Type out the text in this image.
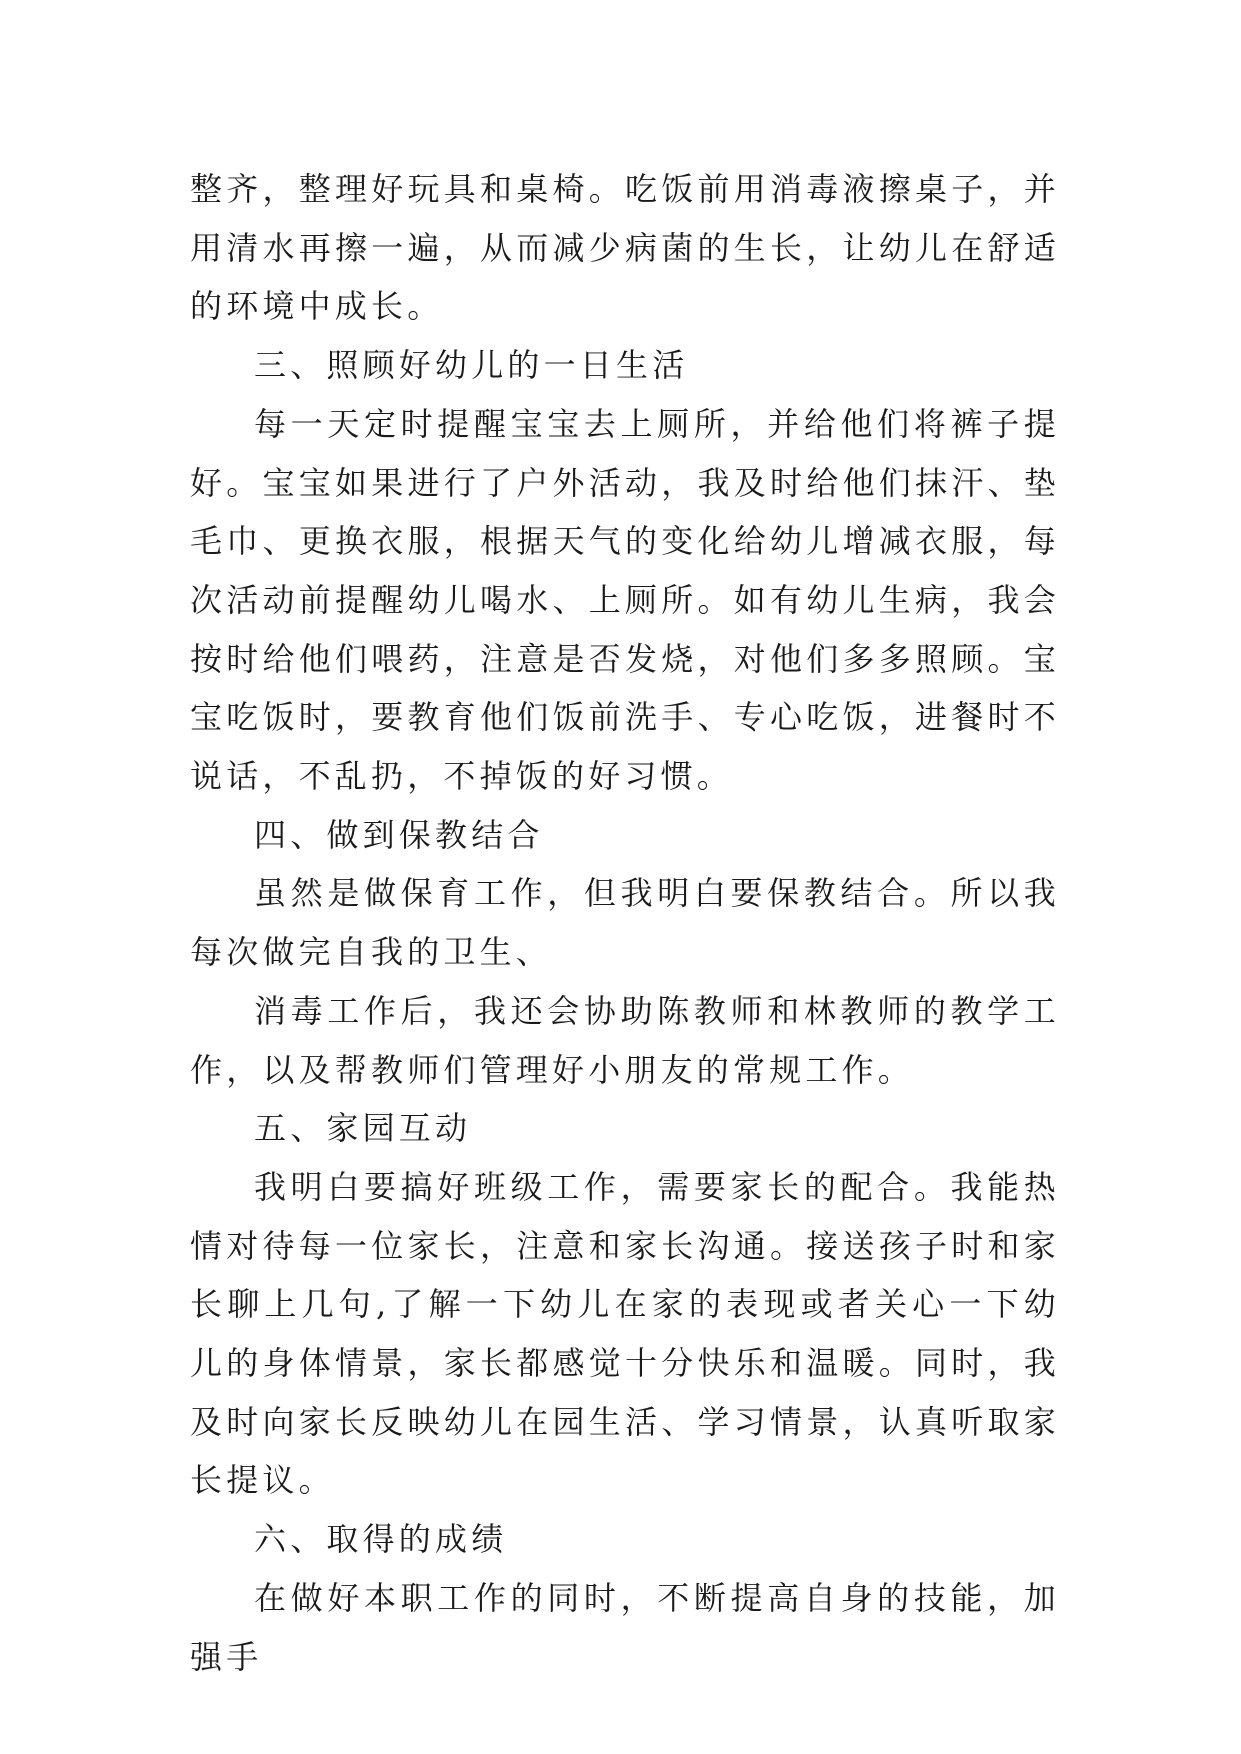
整齐，整理好玩具和桌椅。吃饭前用消毒液擦桌子，并用清水再擦一遍，从而减少病菌的生长，让幼儿在舒适的环境中成长。

三、照顾好幼儿的一日生活

每一天定时提醒宝宝去上厕所，并给他们将裤子提好。宝宝如果进行了户外活动，我及时给他们抹汗、垫毛巾、更换衣服，根据天气的变化给幼儿增减衣服，每次活动前提醒幼儿喝水、上厕所。如有幼儿生病，我会按时给他们喂药，注意是否发烧，对他们多多照顾。宝宝吃饭时，要教育他们饭前洗手、专心吃饭，进餐时不说话，不乱扔，不掉饭的好习惯。

四、做到保教结合

虽然是做保育工作，但我明白要保教结合。所以我每次做完自我的卫生、

消毒工作后，我还会协助陈教师和林教师的教学工作，以及帮教师们管理好小朋友的常规工作。

五、家园互动

我明白要搞好班级工作，需要家长的配合。我能热情对待每一位家长，注意和家长沟通。接送孩子时和家长聊上几句,了解一下幼儿在家的表现或者关心一下幼儿的身体情景，家长都感觉十分快乐和温暖。同时，我及时向家长反映幼儿在园生活、学习情景，认真听取家长提议。

六、取得的成绩

在做好本职工作的同时，不断提高自身的技能，加强手
